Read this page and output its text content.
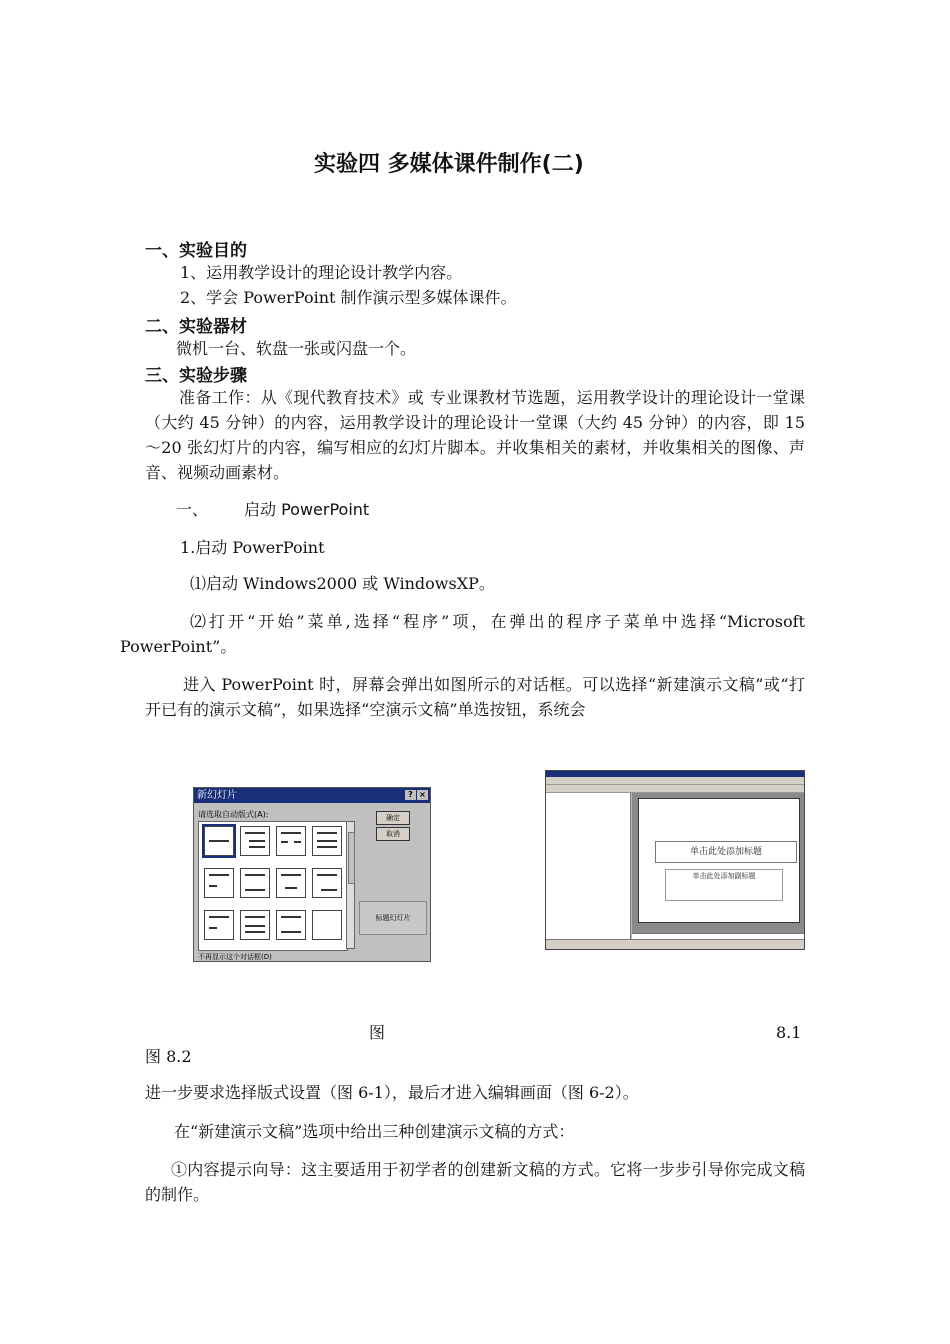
实验四 多媒体课件制作(二)
一、实验目的
1、运用教学设计的理论设计教学内容。
2、学会 PowerPoint 制作演示型多媒体课件。
二、实验器材
微机一台、软盘一张或闪盘一个。
三、实验步骤
准备工作：从《现代教育技术》或 专业课教材节选题，运用教学设计的理论设计一堂课（大约 45 分钟）的内容，运用教学设计的理论设计一堂课（大约 45 分钟）的内容，即 15～20 张幻灯片的内容，编写相应的幻灯片脚本。并收集相关的素材，并收集相关的图像、声音、视频动画素材。
一、 启动 PowerPoint
1.启动 PowerPoint
⑴启动 Windows2000 或 WindowsXP。
⑵打开“开始”菜单,选择“程序”项，在弹出的程序子菜单中选择“Microsoft PowerPoint”。
进入 PowerPoint 时，屏幕会弹出如图所示的对话框。可以选择“新建演示文稿”或“打开已有的演示文稿”，如果选择“空演示文稿”单选按钮，系统会
新幻灯片	? ×
请选取自动版式(A):	确定
取消
标题幻灯片
不再显示这个对话框(D)
单击此处添加标题
单击此处添加副标题
图	8.1
图 8.2
进一步要求选择版式设置（图 6-1），最后才进入编辑画面（图 6-2）。
在“新建演示文稿”选项中给出三种创建演示文稿的方式：
①内容提示向导：这主要适用于初学者的创建新文稿的方式。它将一步步引导你完成文稿的制作。
